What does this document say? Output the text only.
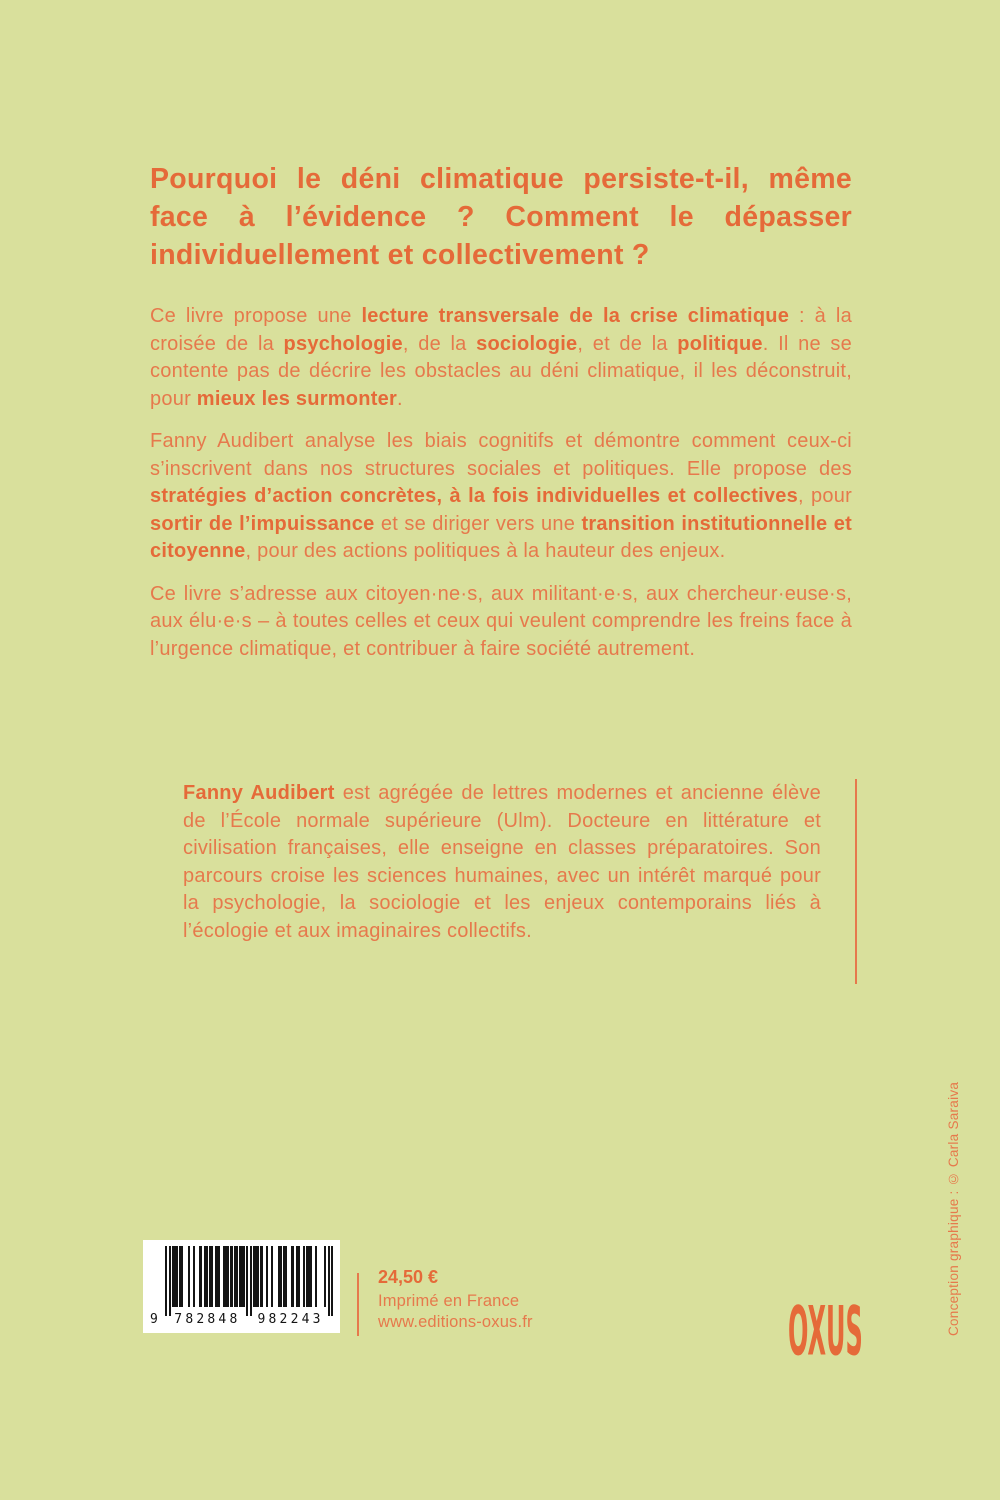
Pourquoi le déni climatique persiste-t-il, même
face à l’évidence ? Comment le dépasser
individuellement et collectivement ?

Ce livre propose une lecture transversale de la crise climatique : à la croisée de la psychologie, de la sociologie, et de la politique. Il ne se contente pas de décrire les obstacles au déni climatique, il les déconstruit, pour mieux les surmonter.

Fanny Audibert analyse les biais cognitifs et démontre comment ceux-ci s’inscrivent dans nos structures sociales et politiques. Elle propose des stratégies d’action concrètes, à la fois individuelles et collectives, pour sortir de l’impuissance et se diriger vers une transition institutionnelle et citoyenne, pour des actions politiques à la hauteur des enjeux.

Ce livre s’adresse aux citoyen·ne·s, aux militant·e·s, aux chercheur·euse·s, aux élu·e·s – à toutes celles et ceux qui veulent comprendre les freins face à l’urgence climatique, et contribuer à faire société autrement.

Fanny Audibert est agrégée de lettres modernes et ancienne élève de l’École normale supérieure (Ulm). Docteure en littérature et civilisation françaises, elle enseigne en classes préparatoires. Son parcours croise les sciences humaines, avec un intérêt marqué pour la psychologie, la sociologie et les enjeux contemporains liés à l’écologie et aux imaginaires collectifs.
9 782848 982243
24,50 €
Imprimé en France
www.editions-oxus.fr	OXUS	Conception graphique : © Carla Saraiva
